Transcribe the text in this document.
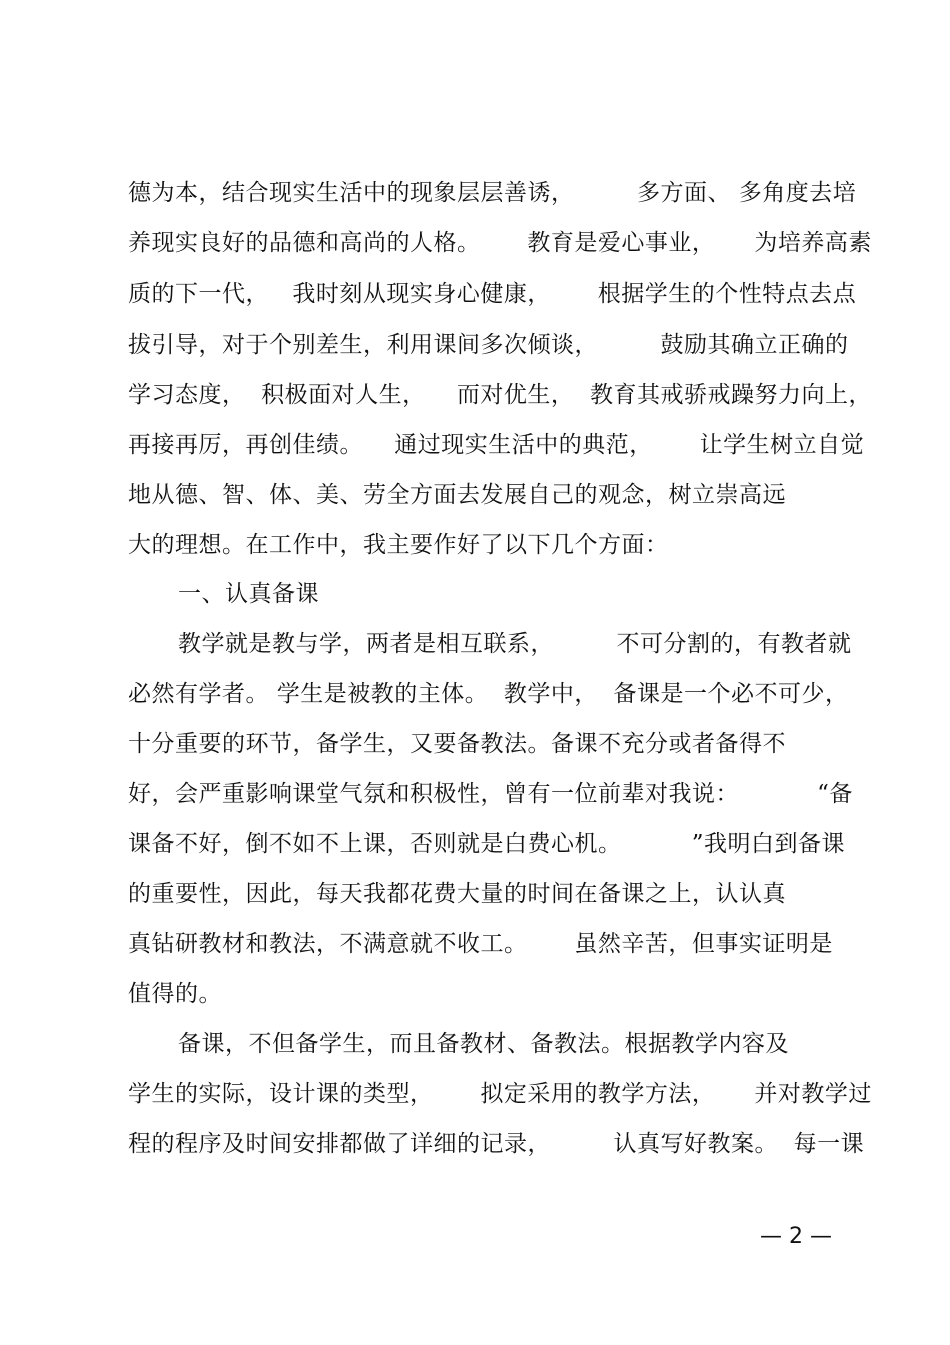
德为本，结合现实生活中的现象层层善诱，        多方面、 多角度去培
养现实良好的品德和高尚的人格。      教育是爱心事业，     为培养高素
质的下一代，   我时刻从现实身心健康，      根据学生的个性特点去点
拔引导，对于个别差生，利用课间多次倾谈，        鼓励其确立正确的
学习态度，  积极面对人生，    而对优生，  教育其戒骄戒躁努力向上，
再接再厉，再创佳绩。    通过现实生活中的典范，      让学生树立自觉
地从德、智、体、美、劳全方面去发展自己的观念，树立崇高远
大的理想。在工作中，我主要作好了以下几个方面：
一、认真备课
教学就是教与学，两者是相互联系，        不可分割的，有教者就
必然有学者。 学生是被教的主体。  教学中，  备课是一个必不可少，
十分重要的环节，备学生，又要备教法。备课不充分或者备得不
好，会严重影响课堂气氛和积极性，曾有一位前辈对我说：          “备
课备不好，倒不如不上课，否则就是白费心机。         ”我明白到备课
的重要性，因此，每天我都花费大量的时间在备课之上，认认真
真钻研教材和教法，不满意就不收工。      虽然辛苦，但事实证明是
值得的。
备课，不但备学生，而且备教材、备教法。根据教学内容及
学生的实际，设计课的类型，      拟定采用的教学方法，     并对教学过
程的程序及时间安排都做了详细的记录，        认真写好教案。  每一课
— 2 —
